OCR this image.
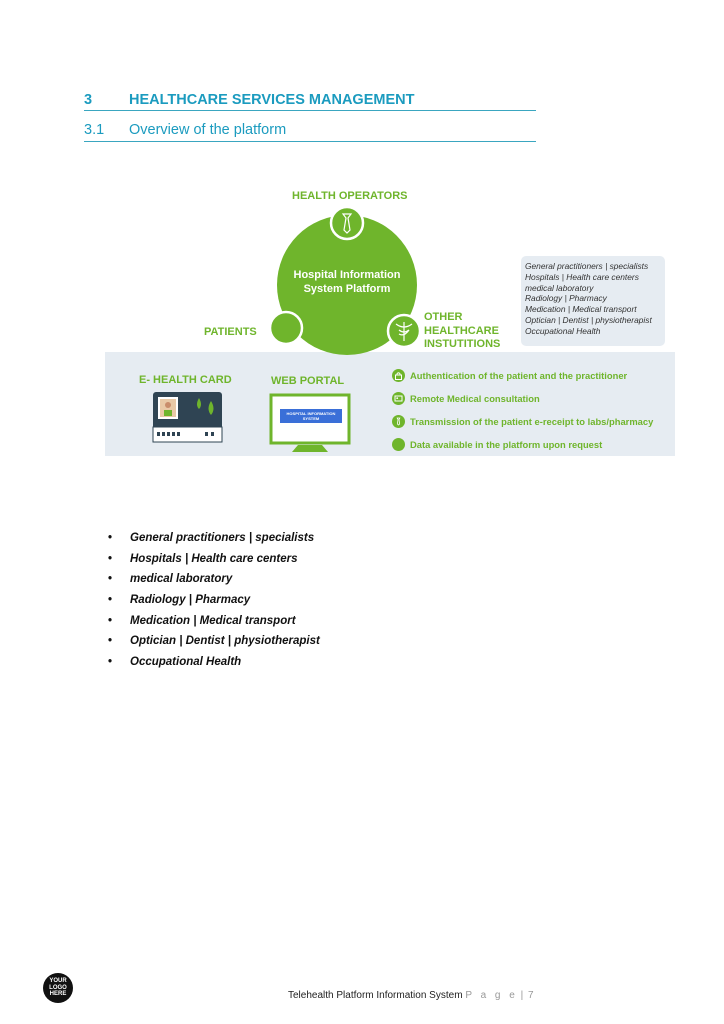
3	HEALTHCARE SERVICES MANAGEMENT
3.1 Overview of the platform
HEALTH OPERATORS
Hospital Information System Platform
PATIENTS
OTHER
HEALTHCARE
INSTUTITIONS
General practitioners | specialists
Hospitals | Health care centers
medical laboratory
Radiology | Pharmacy
Medication | Medical transport
Optician | Dentist | physiotherapist
Occupational Health
E- HEALTH CARD	WEB PORTAL
HOSPITAL INFORMATION SYSTEM
Authentication of the patient and the practitioner
Remote Medical consultation
Transmission of the patient e-receipt to labs/pharmacy
Data available in the platform upon request
•	General practitioners | specialists
•	Hospitals | Health care centers
•	medical laboratory
•	Radiology | Pharmacy
•	Medication | Medical transport
•	Optician | Dentist | physiotherapist
•	Occupational Health
YOUR
LOGO
HERE	Telehealth Platform Information System P a g e | 7
